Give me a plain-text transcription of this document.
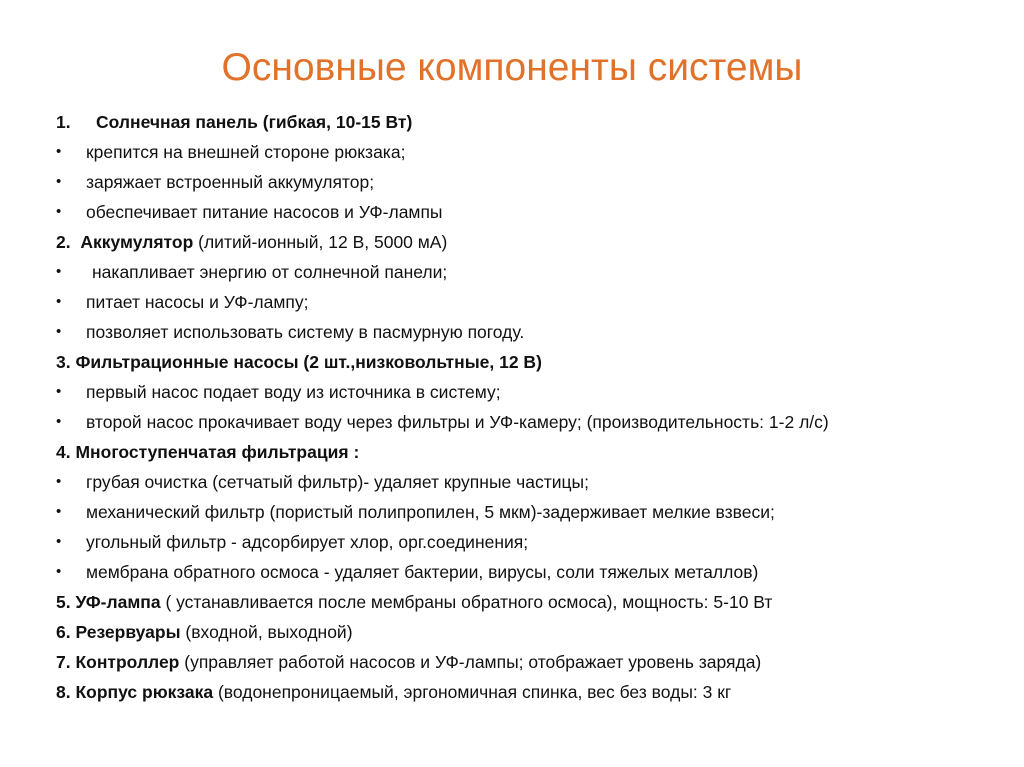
Основные компоненты системы
1. Солнечная панель (гибкая, 10-15 Вт)
• крепится на внешней стороне рюкзака;
• заряжает встроенный аккумулятор;
• обеспечивает питание насосов и УФ-лампы
2. Аккумулятор (литий-ионный, 12 В, 5000 мА)
• накапливает энергию от солнечной панели;
• питает насосы и УФ-лампу;
• позволяет использовать систему в пасмурную погоду.
3. Фильтрационные насосы (2 шт.,низковольтные, 12 В)
• первый насос подает воду из источника в систему;
• второй насос прокачивает воду через фильтры и УФ-камеру; (производительность: 1-2 л/с)
4. Многоступенчатая фильтрация :
• грубая очистка (сетчатый фильтр)- удаляет крупные частицы;
• механический фильтр (пористый полипропилен, 5 мкм)-задерживает мелкие взвеси;
• угольный фильтр - адсорбирует хлор, орг.соединения;
• мембрана обратного осмоса - удаляет бактерии, вирусы, соли тяжелых металлов)
5. УФ-лампа ( устанавливается после мембраны обратного осмоса), мощность: 5-10 Вт
6. Резервуары (входной, выходной)
7. Контроллер (управляет работой насосов и УФ-лампы; отображает уровень заряда)
8. Корпус рюкзака (водонепроницаемый, эргономичная спинка, вес без воды: 3 кг
